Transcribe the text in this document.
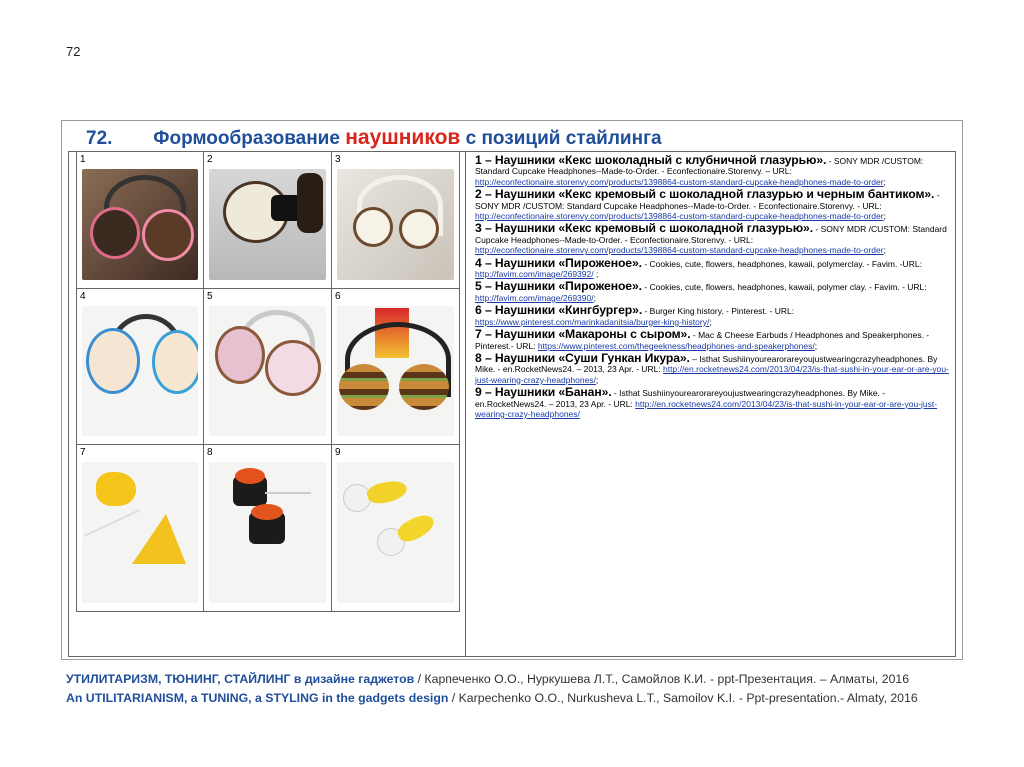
72
72. Формообразование наушников с позиций стайлинга
1	2	3
4	5	6
7	8	9

1 – Наушники «Кекс шоколадный с клубничной глазурью». - SONY MDR /CUSTOM: Standard Cupcake Headphones--Made-to-Order. - Econfectionaire.Storenvy. – URL: http://econfectionaire.storenvy.com/products/1398864-custom-standard-cupcake-headphones-made-to-order;

2 – Наушники «Кекс кремовый с шоколадной глазурью и черным бантиком». - SONY MDR /CUSTOM: Standard Cupcake Headphones--Made-to-Order. - Econfectionaire.Storenvy. - URL: http://econfectionaire.storenvy.com/products/1398864-custom-standard-cupcake-headphones-made-to-order;

3 – Наушники «Кекс кремовый с шоколадной глазурью». - SONY MDR /CUSTOM: Standard Cupcake Headphones--Made-to-Order. - Econfectionaire.Storenvy. - URL: http://econfectionaire.storenvy.com/products/1398864-custom-standard-cupcake-headphones-made-to-order;

4 – Наушники «Пироженое». - Cookies, cute, flowers, headphones, kawaii, polymerclay. - Favim. -URL: http://favim.com/image/269392/ ;

5 – Наушники «Пироженое». - Cookies, cute, flowers, headphones, kawaii, polymer clay. - Favim. - URL: http://favim.com/image/269390/;

6 – Наушники «Кингбургер». - Burger King history. - Pinterest. - URL: https://www.pinterest.com/marinkadanitsia/burger-king-history/;

7 – Наушники «Макароны с сыром». - Mac & Cheese Earbuds / Headphones and Speakerphones. - Pinterest.- URL: https://www.pinterest.com/thegeekness/headphones-and-speakerphones/;

8 – Наушники «Суши Гункан Икура». – Isthat Sushiinyourearorareyoujustwearingcrazyheadphones. By Mike. - en.RocketNews24. – 2013, 23 Apr. - URL: http://en.rocketnews24.com/2013/04/23/is-that-sushi-in-your-ear-or-are-you-just-wearing-crazy-headphones/;

9 – Наушники «Банан». - Isthat Sushiinyourearorareyoujustwearingcrazyheadphones. By Mike. - en.RocketNews24. – 2013, 23 Apr. - URL: http://en.rocketnews24.com/2013/04/23/is-that-sushi-in-your-ear-or-are-you-just-wearing-crazy-headphones/

УТИЛИТАРИЗМ, ТЮНИНГ, СТАЙЛИНГ в дизайне гаджетов / Карпеченко О.О., Нуркушева Л.Т., Самойлов К.И. - ppt-Презентация. – Алматы, 2016
An UTILITARIANISM, a TUNING, a STYLING in the gadgets design / Karpechenko O.O., Nurkusheva L.T., Samoilov K.I. - Ppt-presentation.- Almaty, 2016
